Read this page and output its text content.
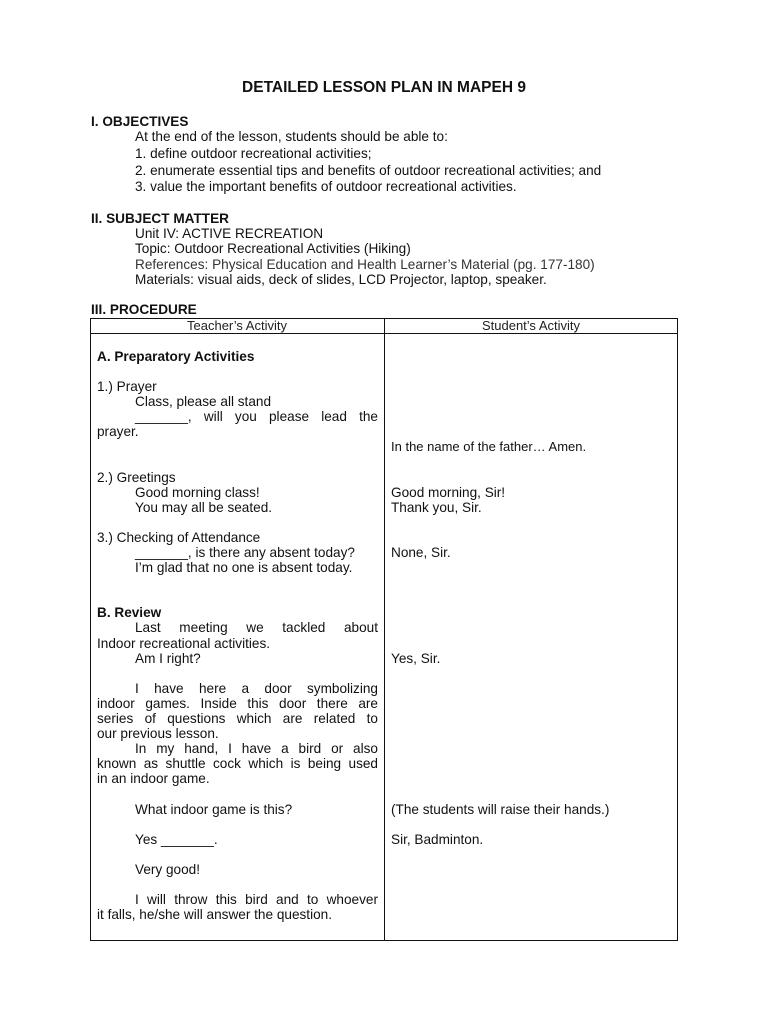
DETAILED LESSON PLAN IN MAPEH 9
I. OBJECTIVES
At the end of the lesson, students should be able to:
1. define outdoor recreational activities;
2. enumerate essential tips and benefits of outdoor recreational activities; and
3. value the important benefits of outdoor recreational activities.
II. SUBJECT MATTER
Unit IV: ACTIVE RECREATION
Topic: Outdoor Recreational Activities (Hiking)
References: Physical Education and Health Learner’s Material (pg. 177-180)
Materials: visual aids, deck of slides, LCD Projector, laptop, speaker.
III. PROCEDURE
Teacher’s Activity	Student’s Activity
A. Preparatory Activities
1.) Prayer
Class, please all stand
_______, will you please lead the
prayer.
2.) Greetings
Good morning class!
You may all be seated.
3.) Checking of Attendance
_______, is there any absent today?
I’m glad that no one is absent today.
B. Review
Last meeting we tackled about
Indoor recreational activities.
Am I right?
I have here a door symbolizing
indoor games. Inside this door there are
series of questions which are related to
our previous lesson.
In my hand, I have a bird or also
known as shuttle cock which is being used
in an indoor game.
What indoor game is this?
Yes _______.
Very good!
I will throw this bird and to whoever
it falls, he/she will answer the question.
In the name of the father… Amen.
Good morning, Sir!
Thank you, Sir.
None, Sir.
Yes, Sir.
(The students will raise their hands.)
Sir, Badminton.
